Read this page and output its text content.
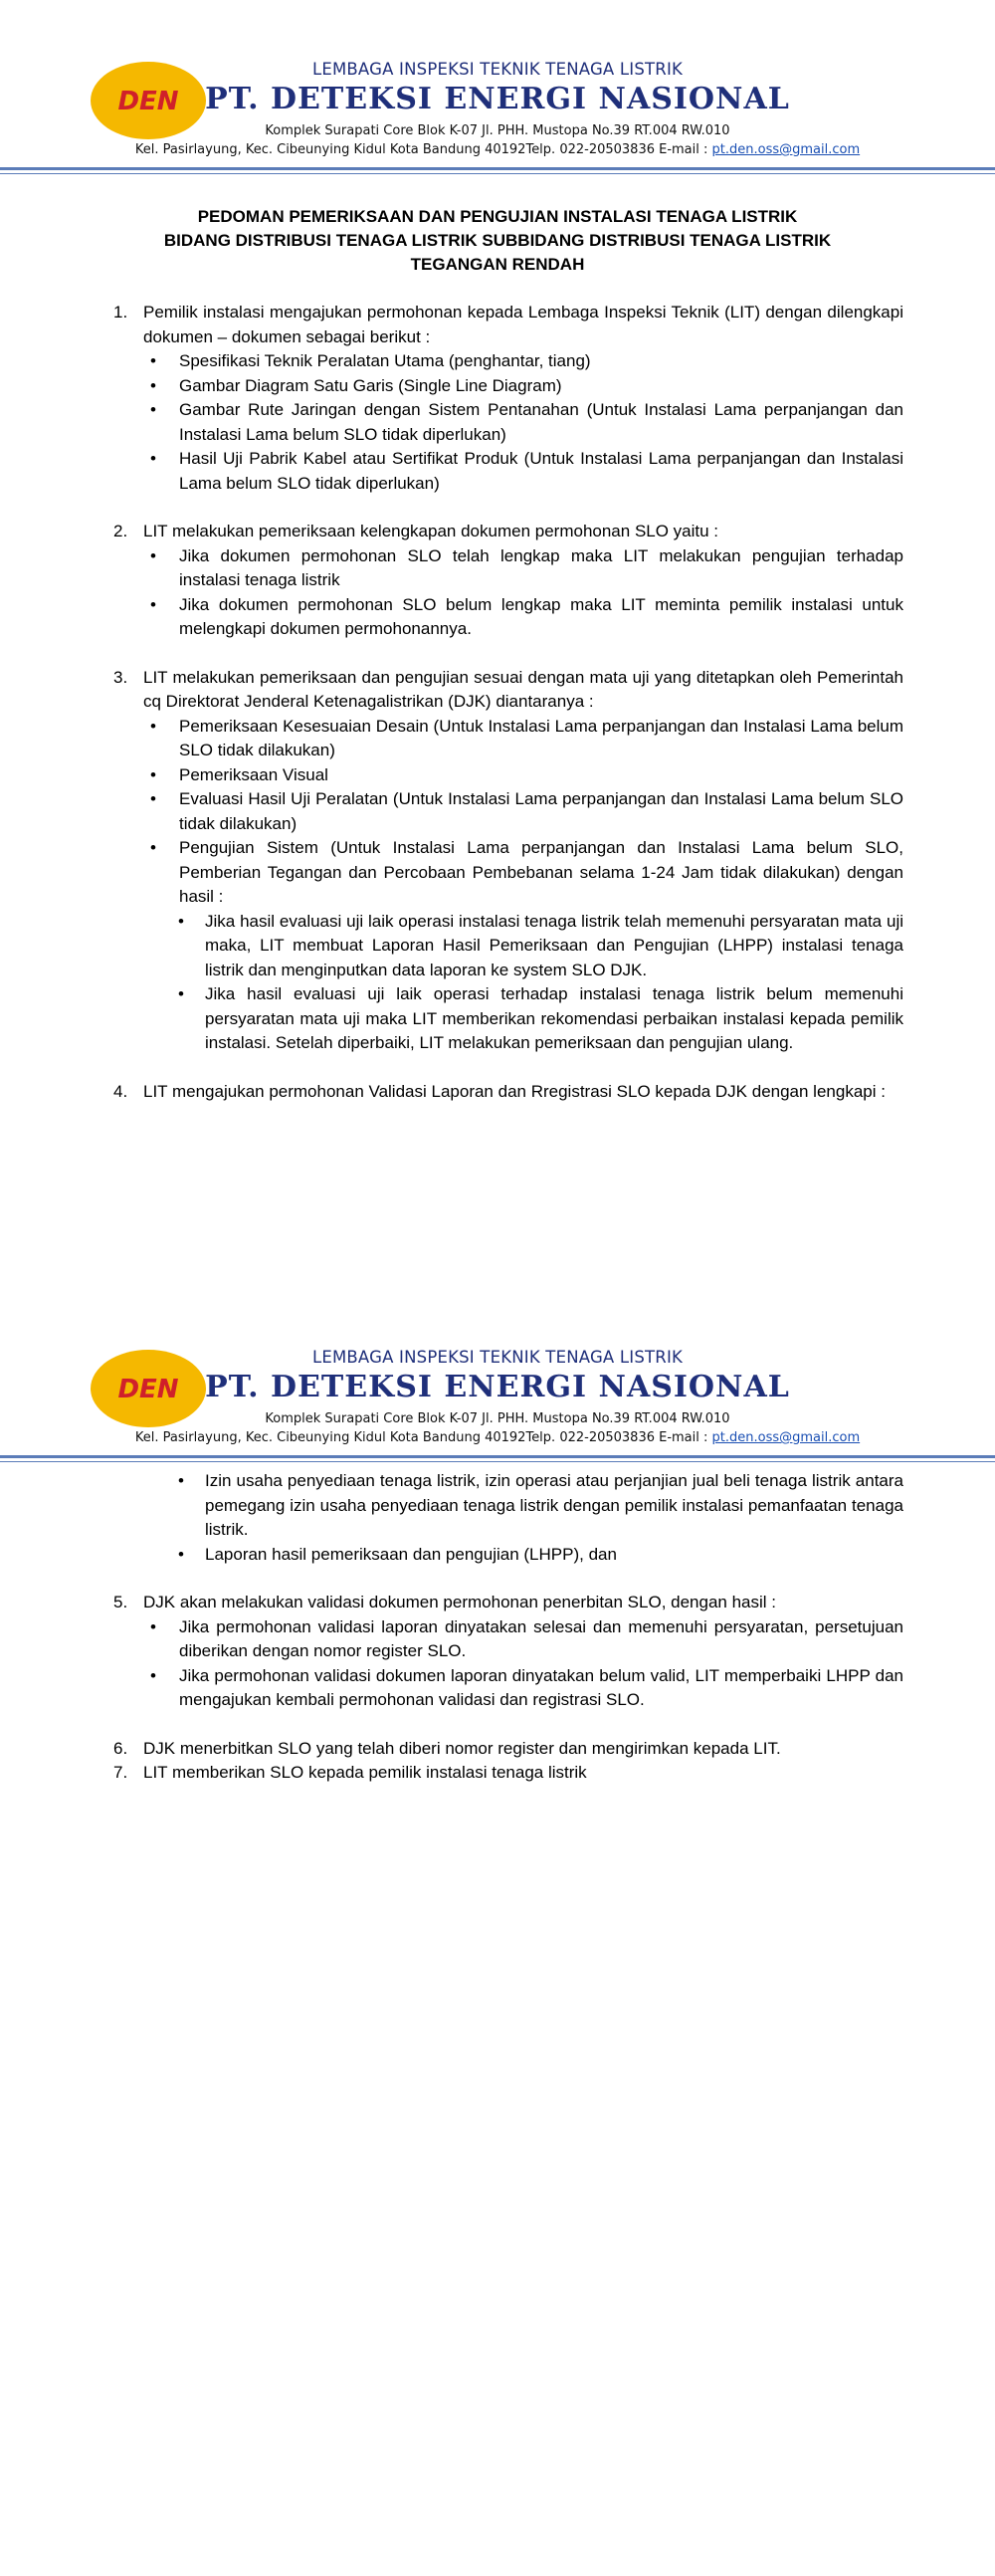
DEN
LEMBAGA INSPEKSI TEKNIK TENAGA LISTRIK
PT. DETEKSI ENERGI NASIONAL
Komplek Surapati Core Blok K-07 Jl. PHH. Mustopa No.39 RT.004 RW.010
Kel. Pasirlayung, Kec. Cibeunying Kidul Kota Bandung 40192Telp. 022-20503836 E-mail : pt.den.oss@gmail.com
PEDOMAN PEMERIKSAAN DAN PENGUJIAN INSTALASI TENAGA LISTRIK
BIDANG DISTRIBUSI TENAGA LISTRIK SUBBIDANG DISTRIBUSI TENAGA LISTRIK
TEGANGAN RENDAH
1. Pemilik instalasi mengajukan permohonan kepada Lembaga Inspeksi Teknik (LIT) dengan dilengkapi dokumen – dokumen sebagai berikut :
• Spesifikasi Teknik Peralatan Utama (penghantar, tiang)
• Gambar Diagram Satu Garis (Single Line Diagram)
• Gambar Rute Jaringan dengan Sistem Pentanahan (Untuk Instalasi Lama perpanjangan dan Instalasi Lama belum SLO tidak diperlukan)
• Hasil Uji Pabrik Kabel atau Sertifikat Produk (Untuk Instalasi Lama perpanjangan dan Instalasi Lama belum SLO tidak diperlukan)
2. LIT melakukan pemeriksaan kelengkapan dokumen permohonan SLO yaitu :
• Jika dokumen permohonan SLO telah lengkap maka LIT melakukan pengujian terhadap instalasi tenaga listrik
• Jika dokumen permohonan SLO belum lengkap maka LIT meminta pemilik instalasi untuk melengkapi dokumen permohonannya.
3. LIT melakukan pemeriksaan dan pengujian sesuai dengan mata uji yang ditetapkan oleh Pemerintah cq Direktorat Jenderal Ketenagalistrikan (DJK) diantaranya :
• Pemeriksaan Kesesuaian Desain (Untuk Instalasi Lama perpanjangan dan Instalasi Lama belum SLO tidak dilakukan)
• Pemeriksaan Visual
• Evaluasi Hasil Uji Peralatan (Untuk Instalasi Lama perpanjangan dan Instalasi Lama belum SLO tidak dilakukan)
• Pengujian Sistem (Untuk Instalasi Lama perpanjangan dan Instalasi Lama belum SLO, Pemberian Tegangan dan Percobaan Pembebanan selama 1-24 Jam tidak dilakukan) dengan hasil :
• Jika hasil evaluasi uji laik operasi instalasi tenaga listrik telah memenuhi persyaratan mata uji maka, LIT membuat Laporan Hasil Pemeriksaan dan Pengujian (LHPP) instalasi tenaga listrik dan menginputkan data laporan ke system SLO DJK.
• Jika hasil evaluasi uji laik operasi terhadap instalasi tenaga listrik belum memenuhi persyaratan mata uji maka LIT memberikan rekomendasi perbaikan instalasi kepada pemilik instalasi. Setelah diperbaiki, LIT melakukan pemeriksaan dan pengujian ulang.
4. LIT mengajukan permohonan Validasi Laporan dan Rregistrasi SLO kepada DJK dengan lengkapi :
DEN
LEMBAGA INSPEKSI TEKNIK TENAGA LISTRIK
PT. DETEKSI ENERGI NASIONAL
Komplek Surapati Core Blok K-07 Jl. PHH. Mustopa No.39 RT.004 RW.010
Kel. Pasirlayung, Kec. Cibeunying Kidul Kota Bandung 40192Telp. 022-20503836 E-mail : pt.den.oss@gmail.com
• Izin usaha penyediaan tenaga listrik, izin operasi atau perjanjian jual beli tenaga listrik antara pemegang izin usaha penyediaan tenaga listrik dengan pemilik instalasi pemanfaatan tenaga listrik.
• Laporan hasil pemeriksaan dan pengujian (LHPP), dan
5. DJK akan melakukan validasi dokumen permohonan penerbitan SLO, dengan hasil :
• Jika permohonan validasi laporan dinyatakan selesai dan memenuhi persyaratan, persetujuan diberikan dengan nomor register SLO.
• Jika permohonan validasi dokumen laporan dinyatakan belum valid, LIT memperbaiki LHPP dan mengajukan kembali permohonan validasi dan registrasi SLO.
6. DJK menerbitkan SLO yang telah diberi nomor register dan mengirimkan kepada LIT.
7. LIT memberikan SLO kepada pemilik instalasi tenaga listrik
